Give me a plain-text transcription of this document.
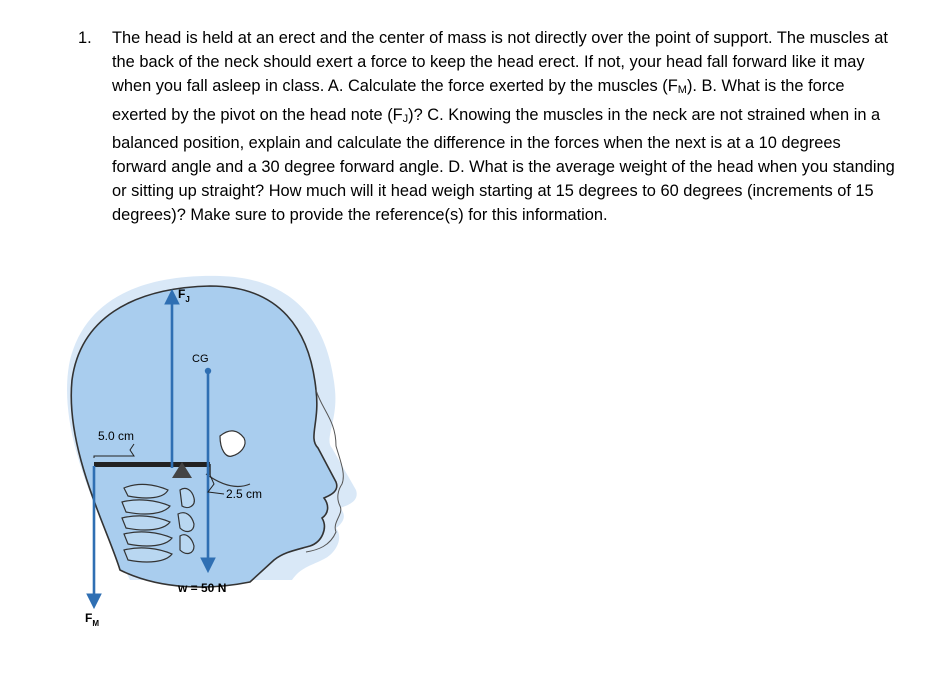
1.	The head is held at an erect and the center of mass is not directly over the point of support. The muscles at the back of the neck should exert a force to keep the head erect. If not, your head fall forward like it may when you fall asleep in class. A. Calculate the force exerted by the muscles $(F_M)$. B. What is the force exerted by the pivot on the head note $(F_J)$? C. Knowing the muscles in the neck are not strained when in a balanced position, explain and calculate the difference in the forces when the next is at a 10 degrees forward angle and a 30 degree forward angle. D. What is the average weight of the head when you standing or sitting up straight? How much will it head weigh starting at 15 degrees to 60 degrees (increments of 15 degrees)? Make sure to provide the reference(s) for this information.

5.0 cm
$F_J$
CG
w = 50 N
2.5 cm
$F_M$
